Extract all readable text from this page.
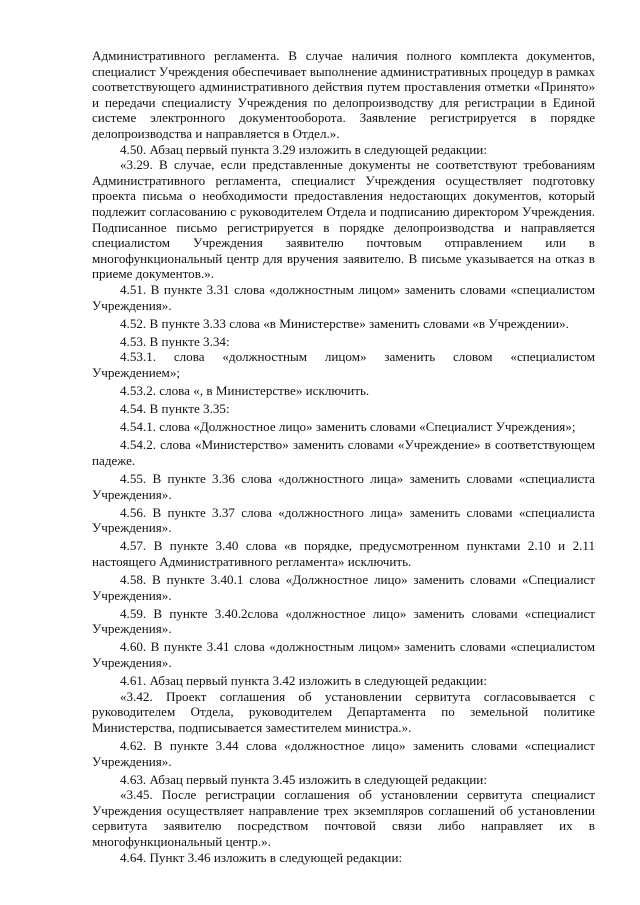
Административного регламента. В случае наличия полного комплекта документов, специалист Учреждения обеспечивает выполнение административных процедур в рамках соответствующего административного действия путем проставления отметки «Принято» и передачи специалисту Учреждения по делопроизводству для регистрации в Единой системе электронного документооборота. Заявление регистрируется в порядке делопроизводства и направляется в Отдел.».

4.50. Абзац первый пункта 3.29 изложить в следующей редакции:

«3.29. В случае, если представленные документы не соответствуют требованиям Административного регламента, специалист Учреждения осуществляет подготовку проекта письма о необходимости предоставления недостающих документов, который подлежит согласованию с руководителем Отдела и подписанию директором Учреждения. Подписанное письмо регистрируется в порядке делопроизводства и направляется специалистом Учреждения заявителю почтовым отправлением или в многофункциональный центр для вручения заявителю. В письме указывается на отказ в приеме документов.».

4.51. В пункте 3.31 слова «должностным лицом» заменить словами «специалистом Учреждения».

4.52. В пункте 3.33 слова «в Министерстве» заменить словами «в Учреждении».

4.53. В пункте 3.34:

4.53.1. слова «должностным лицом» заменить словом «специалистом Учреждением»;

4.53.2. слова «, в Министерстве» исключить.

4.54. В пункте 3.35:

4.54.1. слова «Должностное лицо» заменить словами «Специалист Учреждения»;

4.54.2. слова «Министерство» заменить словами «Учреждение» в соответствующем падеже.

4.55. В пункте 3.36 слова «должностного лица» заменить словами «специалиста Учреждения».

4.56. В пункте 3.37 слова «должностного лица» заменить словами «специалиста Учреждения».

4.57. В пункте 3.40 слова «в порядке, предусмотренном пунктами 2.10 и 2.11 настоящего Административного регламента» исключить.

4.58. В пункте 3.40.1 слова «Должностное лицо» заменить словами «Специалист Учреждения».

4.59. В пункте 3.40.2слова «должностное лицо» заменить словами «специалист Учреждения».

4.60. В пункте 3.41 слова «должностным лицом» заменить словами «специалистом Учреждения».

4.61. Абзац первый пункта 3.42 изложить в следующей редакции:

«3.42. Проект соглашения об установлении сервитута согласовывается с руководителем Отдела, руководителем Департамента по земельной политике Министерства, подписывается заместителем министра.».

4.62. В пункте 3.44 слова «должностное лицо» заменить словами «специалист Учреждения».

4.63. Абзац первый пункта 3.45 изложить в следующей редакции:

«3.45. После регистрации соглашения об установлении сервитута специалист Учреждения осуществляет направление трех экземпляров соглашений об установлении сервитута заявителю посредством почтовой связи либо направляет их в многофункциональный центр.».

4.64. Пункт 3.46 изложить в следующей редакции:
